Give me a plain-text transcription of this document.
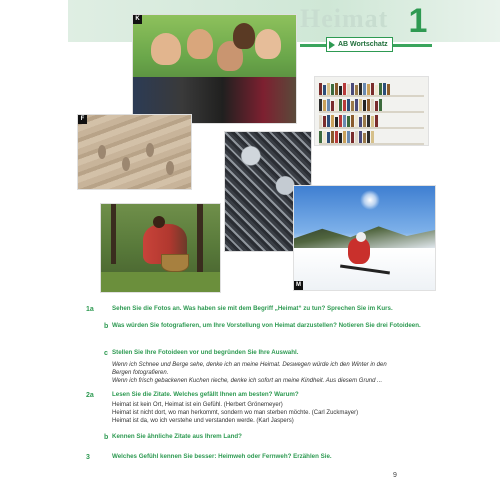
Heimat 1
AB Wortschatz
K
F
M
1a	Sehen Sie die Fotos an. Was haben sie mit dem Begriff „Heimat“ zu tun? Sprechen Sie im Kurs.
b Was würden Sie fotografieren, um Ihre Vorstellung von Heimat darzustellen? Notieren Sie drei Fotoideen.
c Stellen Sie Ihre Fotoideen vor und begründen Sie Ihre Auswahl.
Wenn ich Schnee und Berge sehe, denke ich an meine Heimat. Deswegen würde ich den Winter in den
Bergen fotografieren.
Wenn ich frisch gebackenen Kuchen rieche, denke ich sofort an meine Kindheit. Aus diesem Grund ...
2a	Lesen Sie die Zitate. Welches gefällt Ihnen am besten? Warum?
Heimat ist kein Ort, Heimat ist ein Gefühl. (Herbert Grönemeyer)
Heimat ist nicht dort, wo man herkommt, sondern wo man sterben möchte. (Carl Zuckmayer)
Heimat ist da, wo ich verstehe und verstanden werde. (Karl Jaspers)
b Kennen Sie ähnliche Zitate aus Ihrem Land?
3	Welches Gefühl kennen Sie besser: Heimweh oder Fernweh? Erzählen Sie.
9
